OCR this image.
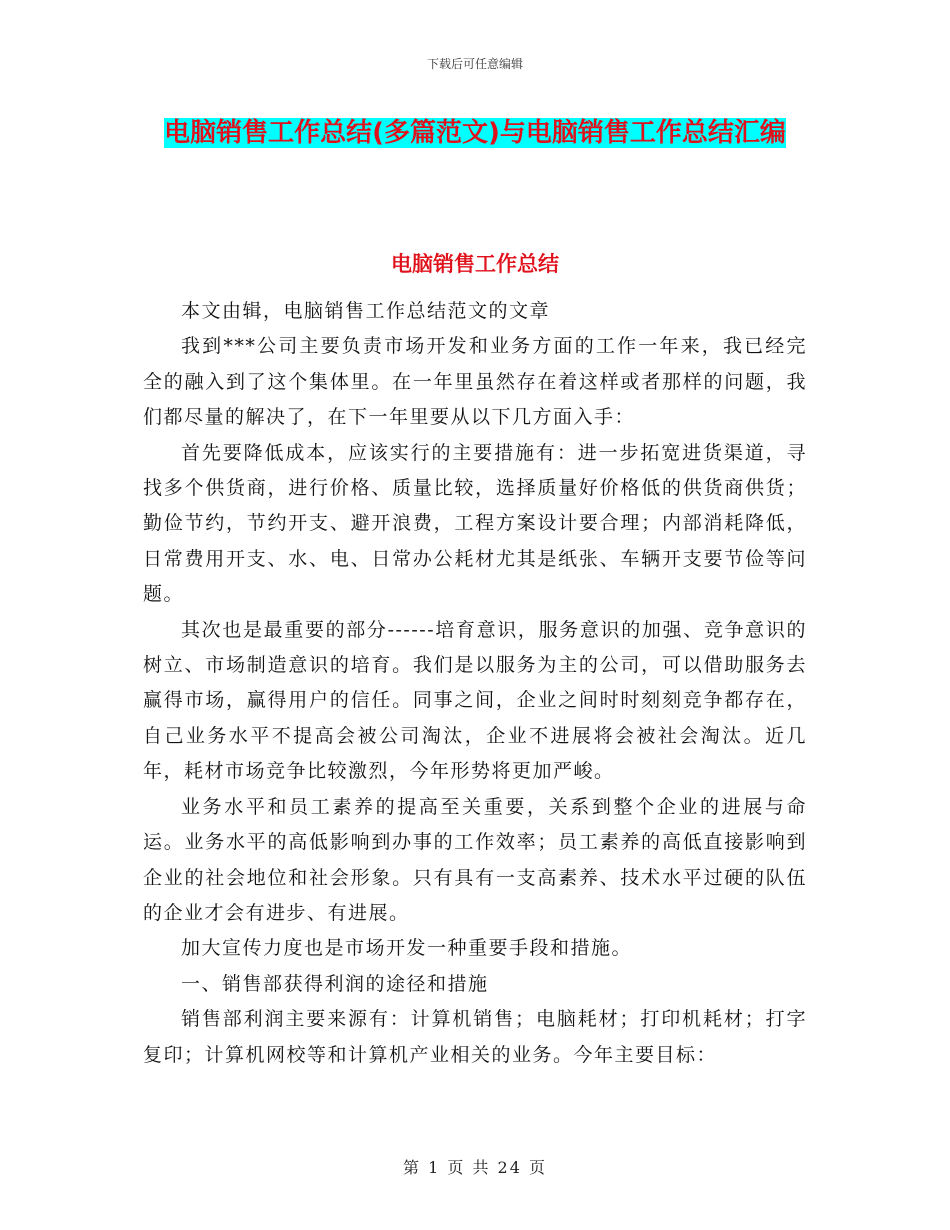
下载后可任意编辑
电脑销售工作总结(多篇范文)与电脑销售工作总结汇编
电脑销售工作总结

本文由辑，电脑销售工作总结范文的文章

我到***公司主要负责市场开发和业务方面的工作一年来，我已经完全的融入到了这个集体里。在一年里虽然存在着这样或者那样的问题，我们都尽量的解决了，在下一年里要从以下几方面入手：

首先要降低成本，应该实行的主要措施有：进一步拓宽进货渠道，寻找多个供货商，进行价格、质量比较，选择质量好价格低的供货商供货；勤俭节约，节约开支、避开浪费，工程方案设计要合理；内部消耗降低，日常费用开支、水、电、日常办公耗材尤其是纸张、车辆开支要节俭等问题。

其次也是最重要的部分------培育意识，服务意识的加强、竞争意识的树立、市场制造意识的培育。我们是以服务为主的公司，可以借助服务去赢得市场，赢得用户的信任。同事之间，企业之间时时刻刻竞争都存在，自己业务水平不提高会被公司淘汰，企业不进展将会被社会淘汰。近几年，耗材市场竞争比较激烈，今年形势将更加严峻。

业务水平和员工素养的提高至关重要，关系到整个企业的进展与命运。业务水平的高低影响到办事的工作效率；员工素养的高低直接影响到企业的社会地位和社会形象。只有具有一支高素养、技术水平过硬的队伍的企业才会有进步、有进展。

加大宣传力度也是市场开发一种重要手段和措施。

一、销售部获得利润的途径和措施

销售部利润主要来源有：计算机销售；电脑耗材；打印机耗材；打字复印；计算机网校等和计算机产业相关的业务。今年主要目标：

第 1 页 共 24 页
